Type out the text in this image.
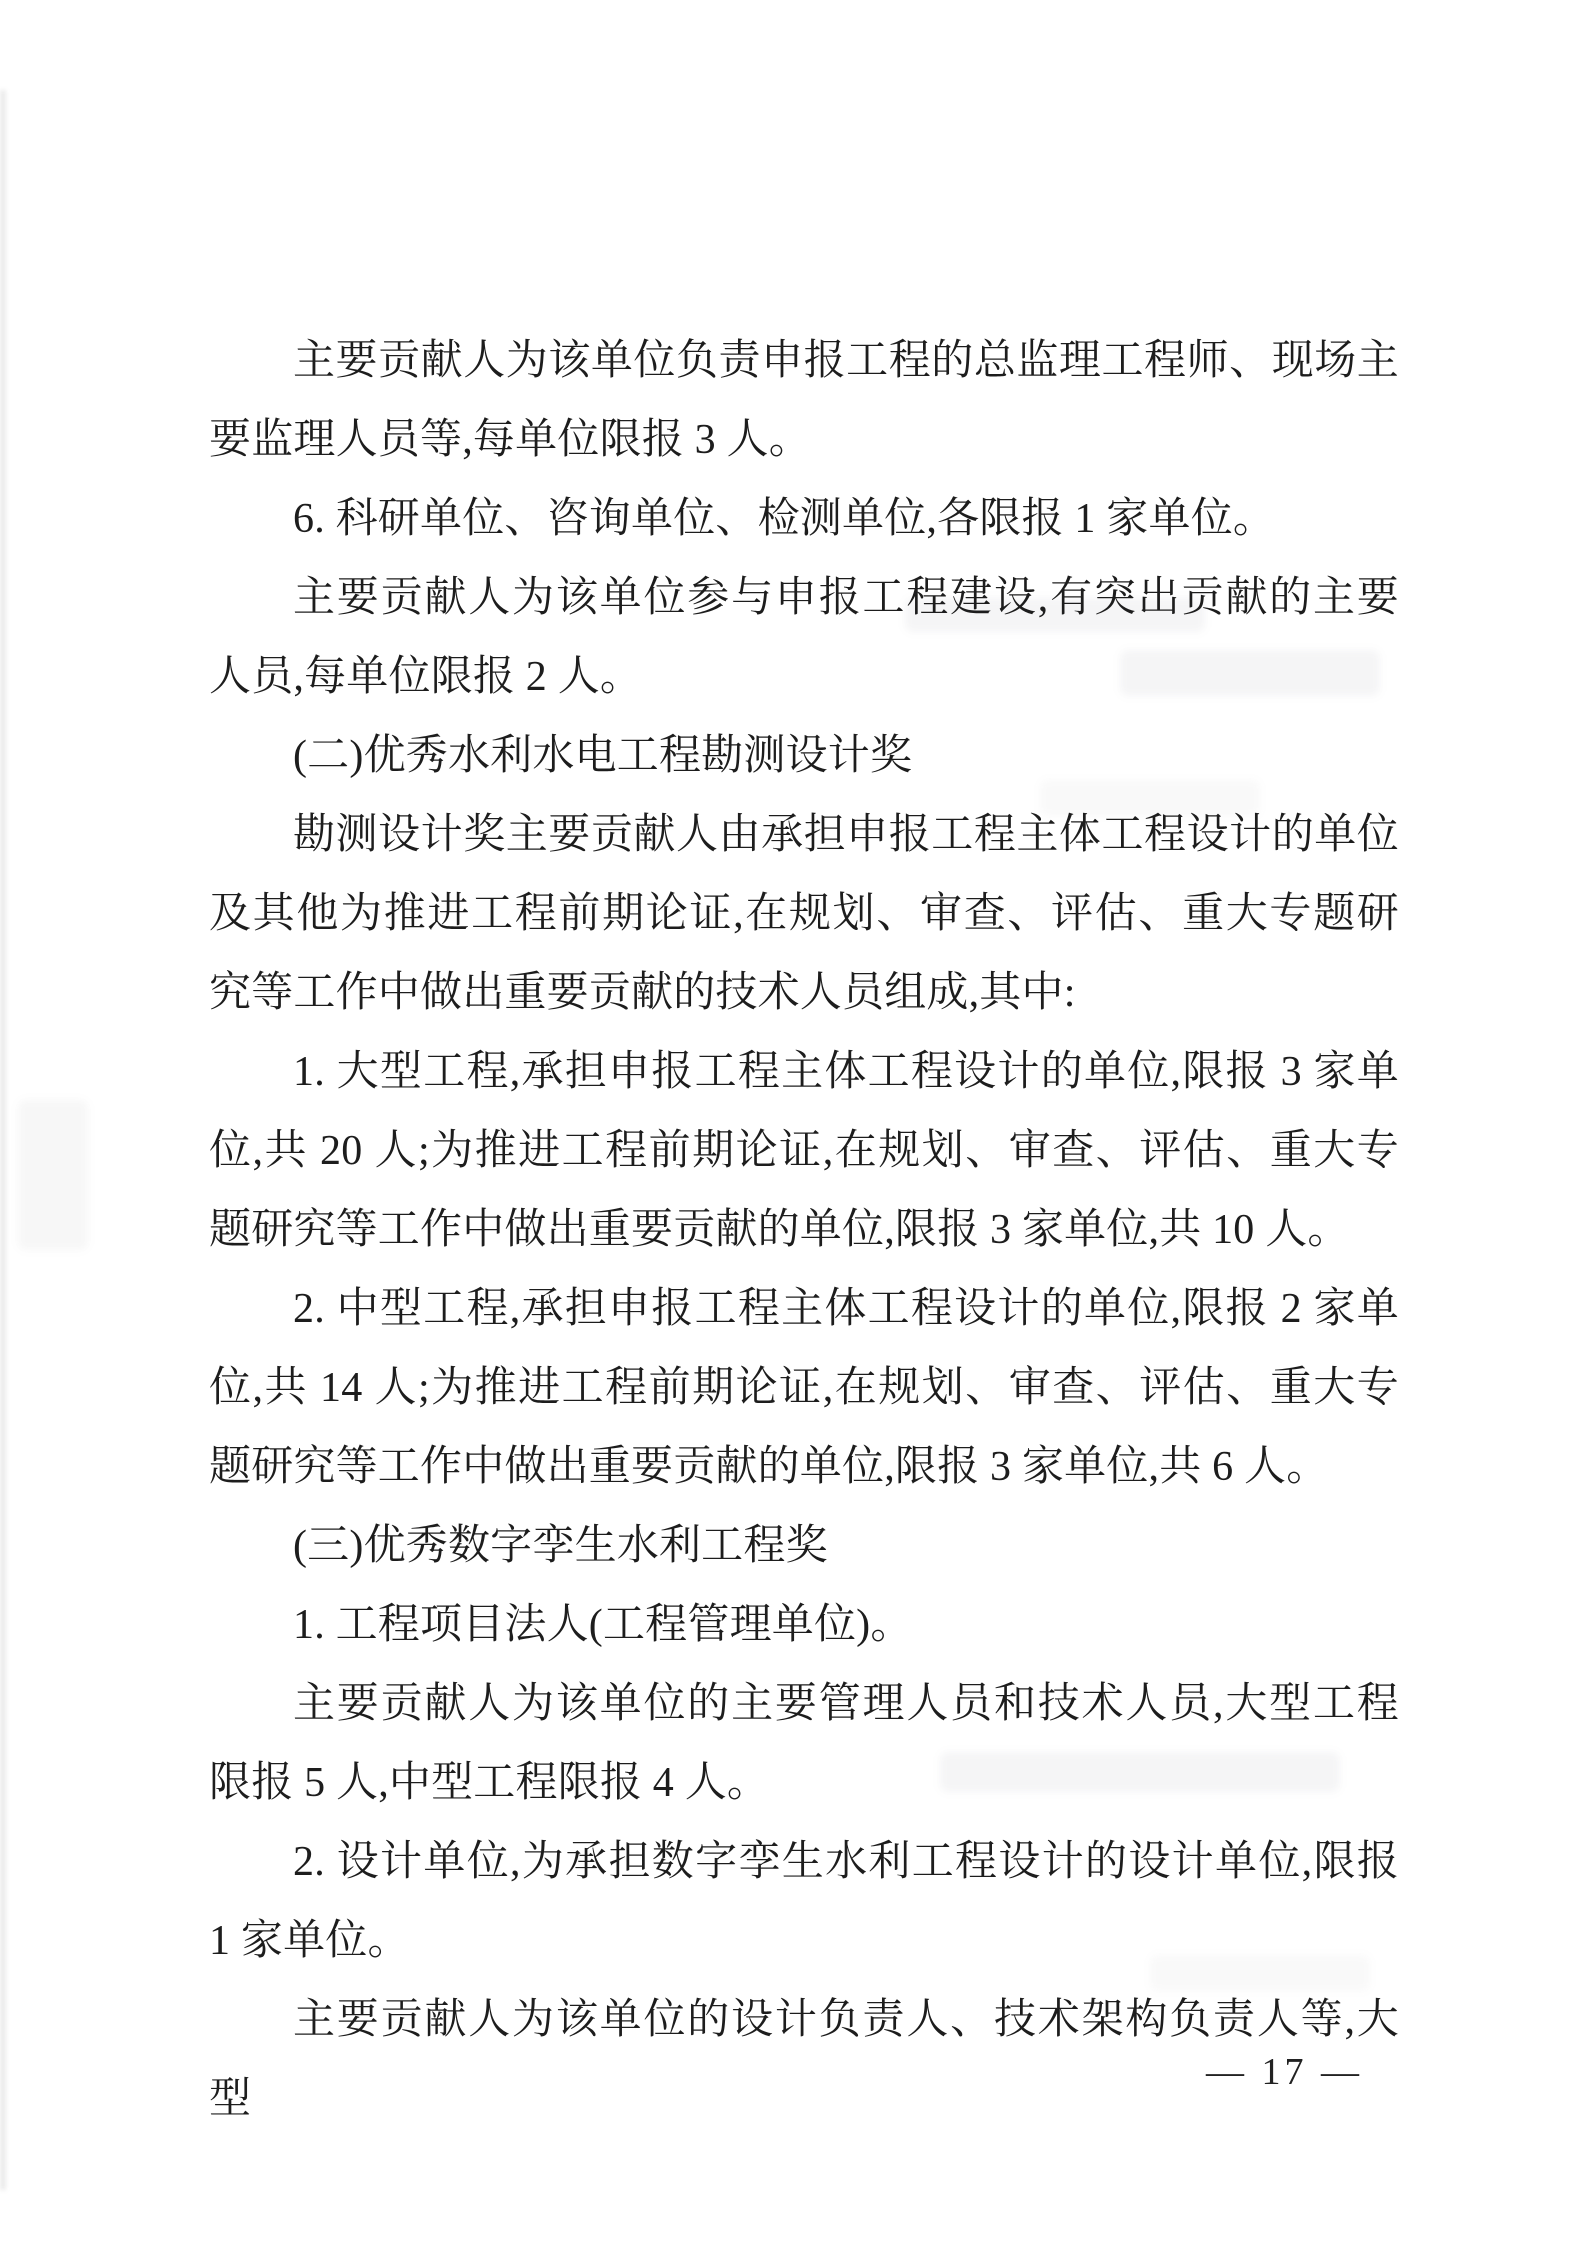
主要贡献人为该单位负责申报工程的总监理工程师、现场主要监理人员等,每单位限报 3 人。

6. 科研单位、咨询单位、检测单位,各限报 1 家单位。

主要贡献人为该单位参与申报工程建设,有突出贡献的主要人员,每单位限报 2 人。

(二)优秀水利水电工程勘测设计奖

勘测设计奖主要贡献人由承担申报工程主体工程设计的单位及其他为推进工程前期论证,在规划、审查、评估、重大专题研究等工作中做出重要贡献的技术人员组成,其中:

1. 大型工程,承担申报工程主体工程设计的单位,限报 3 家单位,共 20 人;为推进工程前期论证,在规划、审查、评估、重大专题研究等工作中做出重要贡献的单位,限报 3 家单位,共 10 人。

2. 中型工程,承担申报工程主体工程设计的单位,限报 2 家单位,共 14 人;为推进工程前期论证,在规划、审查、评估、重大专题研究等工作中做出重要贡献的单位,限报 3 家单位,共 6 人。

(三)优秀数字孪生水利工程奖

1. 工程项目法人(工程管理单位)。

主要贡献人为该单位的主要管理人员和技术人员,大型工程限报 5 人,中型工程限报 4 人。

2. 设计单位,为承担数字孪生水利工程设计的设计单位,限报 1 家单位。

主要贡献人为该单位的设计负责人、技术架构负责人等,大型

— 17 —
